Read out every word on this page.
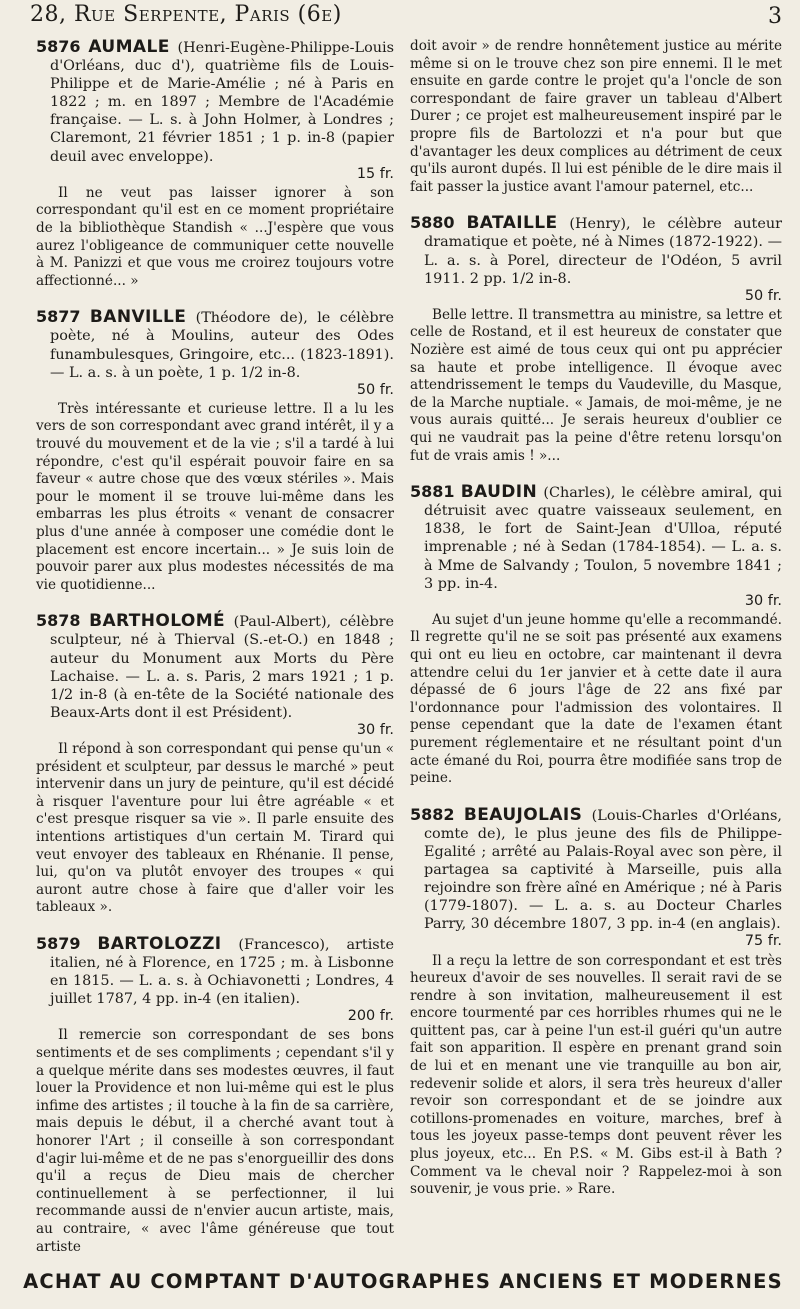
28, Rue Serpente, Paris (6e)	3

5876 AUMALE (Henri-Eugène-Philippe-Louis d'Orléans, duc d'), quatrième fils de Louis-Philippe et de Marie-Amélie ; né à Paris en 1822 ; m. en 1897 ; Membre de l'Académie française. — L. s. à John Holmer, à Londres ; Claremont, 21 février 1851 ; 1 p. in-8 (papier deuil avec enveloppe).

15 fr.

Il ne veut pas laisser ignorer à son correspondant qu'il est en ce moment propriétaire de la bibliothèque Standish « ...J'espère que vous aurez l'obligeance de communiquer cette nouvelle à M. Panizzi et que vous me croirez toujours votre affectionné... »

5877 BANVILLE (Théodore de), le célèbre poète, né à Moulins, auteur des Odes funambulesques, Gringoire, etc... (1823-1891). — L. a. s. à un poète, 1 p. 1/2 in-8.

50 fr.

Très intéressante et curieuse lettre. Il a lu les vers de son correspondant avec grand intérêt, il y a trouvé du mouvement et de la vie ; s'il a tardé à lui répondre, c'est qu'il espérait pouvoir faire en sa faveur « autre chose que des vœux stériles ». Mais pour le moment il se trouve lui-même dans les embarras les plus étroits « venant de consacrer plus d'une année à composer une comédie dont le placement est encore incertain... » Je suis loin de pouvoir parer aux plus modestes nécessités de ma vie quotidienne...

5878 BARTHOLOMÉ (Paul-Albert), célèbre sculpteur, né à Thierval (S.-et-O.) en 1848 ; auteur du Monument aux Morts du Père Lachaise. — L. a. s. Paris, 2 mars 1921 ; 1 p. 1/2 in-8 (à en-tête de la Société nationale des Beaux-Arts dont il est Président).

30 fr.

Il répond à son correspondant qui pense qu'un « président et sculpteur, par dessus le marché » peut intervenir dans un jury de peinture, qu'il est décidé à risquer l'aventure pour lui être agréable « et c'est presque risquer sa vie ». Il parle ensuite des intentions artistiques d'un certain M. Tirard qui veut envoyer des tableaux en Rhénanie. Il pense, lui, qu'on va plutôt envoyer des troupes « qui auront autre chose à faire que d'aller voir les tableaux ».

5879 BARTOLOZZI (Francesco), artiste italien, né à Florence, en 1725 ; m. à Lisbonne en 1815. — L. a. s. à Ochiavonetti ; Londres, 4 juillet 1787, 4 pp. in-4 (en italien).

200 fr.

Il remercie son correspondant de ses bons sentiments et de ses compliments ; cependant s'il y a quelque mérite dans ses modestes œuvres, il faut louer la Providence et non lui-même qui est le plus infime des artistes ; il touche à la fin de sa carrière, mais depuis le début, il a cherché avant tout à honorer l'Art ; il conseille à son correspondant d'agir lui-même et de ne pas s'enorgueillir des dons qu'il a reçus de Dieu mais de chercher continuellement à se perfectionner, il lui recommande aussi de n'envier aucun artiste, mais, au contraire, « avec l'âme généreuse que tout artiste

doit avoir » de rendre honnêtement justice au mérite même si on le trouve chez son pire ennemi. Il le met ensuite en garde contre le projet qu'a l'oncle de son correspondant de faire graver un tableau d'Albert Durer ; ce projet est malheureusement inspiré par le propre fils de Bartolozzi et n'a pour but que d'avantager les deux complices au détriment de ceux qu'ils auront dupés. Il lui est pénible de le dire mais il fait passer la justice avant l'amour paternel, etc...

5880 BATAILLE (Henry), le célèbre auteur dramatique et poète, né à Nimes (1872-1922). — L. a. s. à Porel, directeur de l'Odéon, 5 avril 1911. 2 pp. 1/2 in-8.

50 fr.

Belle lettre. Il transmettra au ministre, sa lettre et celle de Rostand, et il est heureux de constater que Nozière est aimé de tous ceux qui ont pu apprécier sa haute et probe intelligence. Il évoque avec attendrissement le temps du Vaudeville, du Masque, de la Marche nuptiale. « Jamais, de moi-même, je ne vous aurais quitté... Je serais heureux d'oublier ce qui ne vaudrait pas la peine d'être retenu lorsqu'on fut de vrais amis ! »...

5881 BAUDIN (Charles), le célèbre amiral, qui détruisit avec quatre vaisseaux seulement, en 1838, le fort de Saint-Jean d'Ulloa, réputé imprenable ; né à Sedan (1784-1854). — L. a. s. à Mme de Salvandy ; Toulon, 5 novembre 1841 ; 3 pp. in-4.

30 fr.

Au sujet d'un jeune homme qu'elle a recommandé. Il regrette qu'il ne se soit pas présenté aux examens qui ont eu lieu en octobre, car maintenant il devra attendre celui du 1er janvier et à cette date il aura dépassé de 6 jours l'âge de 22 ans fixé par l'ordonnance pour l'admission des volontaires. Il pense cependant que la date de l'examen étant purement réglementaire et ne résultant point d'un acte émané du Roi, pourra être modifiée sans trop de peine.

5882 BEAUJOLAIS (Louis-Charles d'Orléans, comte de), le plus jeune des fils de Philippe-Egalité ; arrêté au Palais-Royal avec son père, il partagea sa captivité à Marseille, puis alla rejoindre son frère aîné en Amérique ; né à Paris (1779-1807). — L. a. s. au Docteur Charles Parry, 30 décembre 1807, 3 pp. in-4 (en anglais).

75 fr.

Il a reçu la lettre de son correspondant et est très heureux d'avoir de ses nouvelles. Il serait ravi de se rendre à son invitation, malheureusement il est encore tourmenté par ces horribles rhumes qui ne le quittent pas, car à peine l'un est-il guéri qu'un autre fait son apparition. Il espère en prenant grand soin de lui et en menant une vie tranquille au bon air, redevenir solide et alors, il sera très heureux d'aller revoir son correspondant et de se joindre aux cotillons-promenades en voiture, marches, bref à tous les joyeux passe-temps dont peuvent rêver les plus joyeux, etc... En P.S. « M. Gibs est-il à Bath ? Comment va le cheval noir ? Rappelez-moi à son souvenir, je vous prie. » Rare.

ACHAT AU COMPTANT D'AUTOGRAPHES ANCIENS ET MODERNES
